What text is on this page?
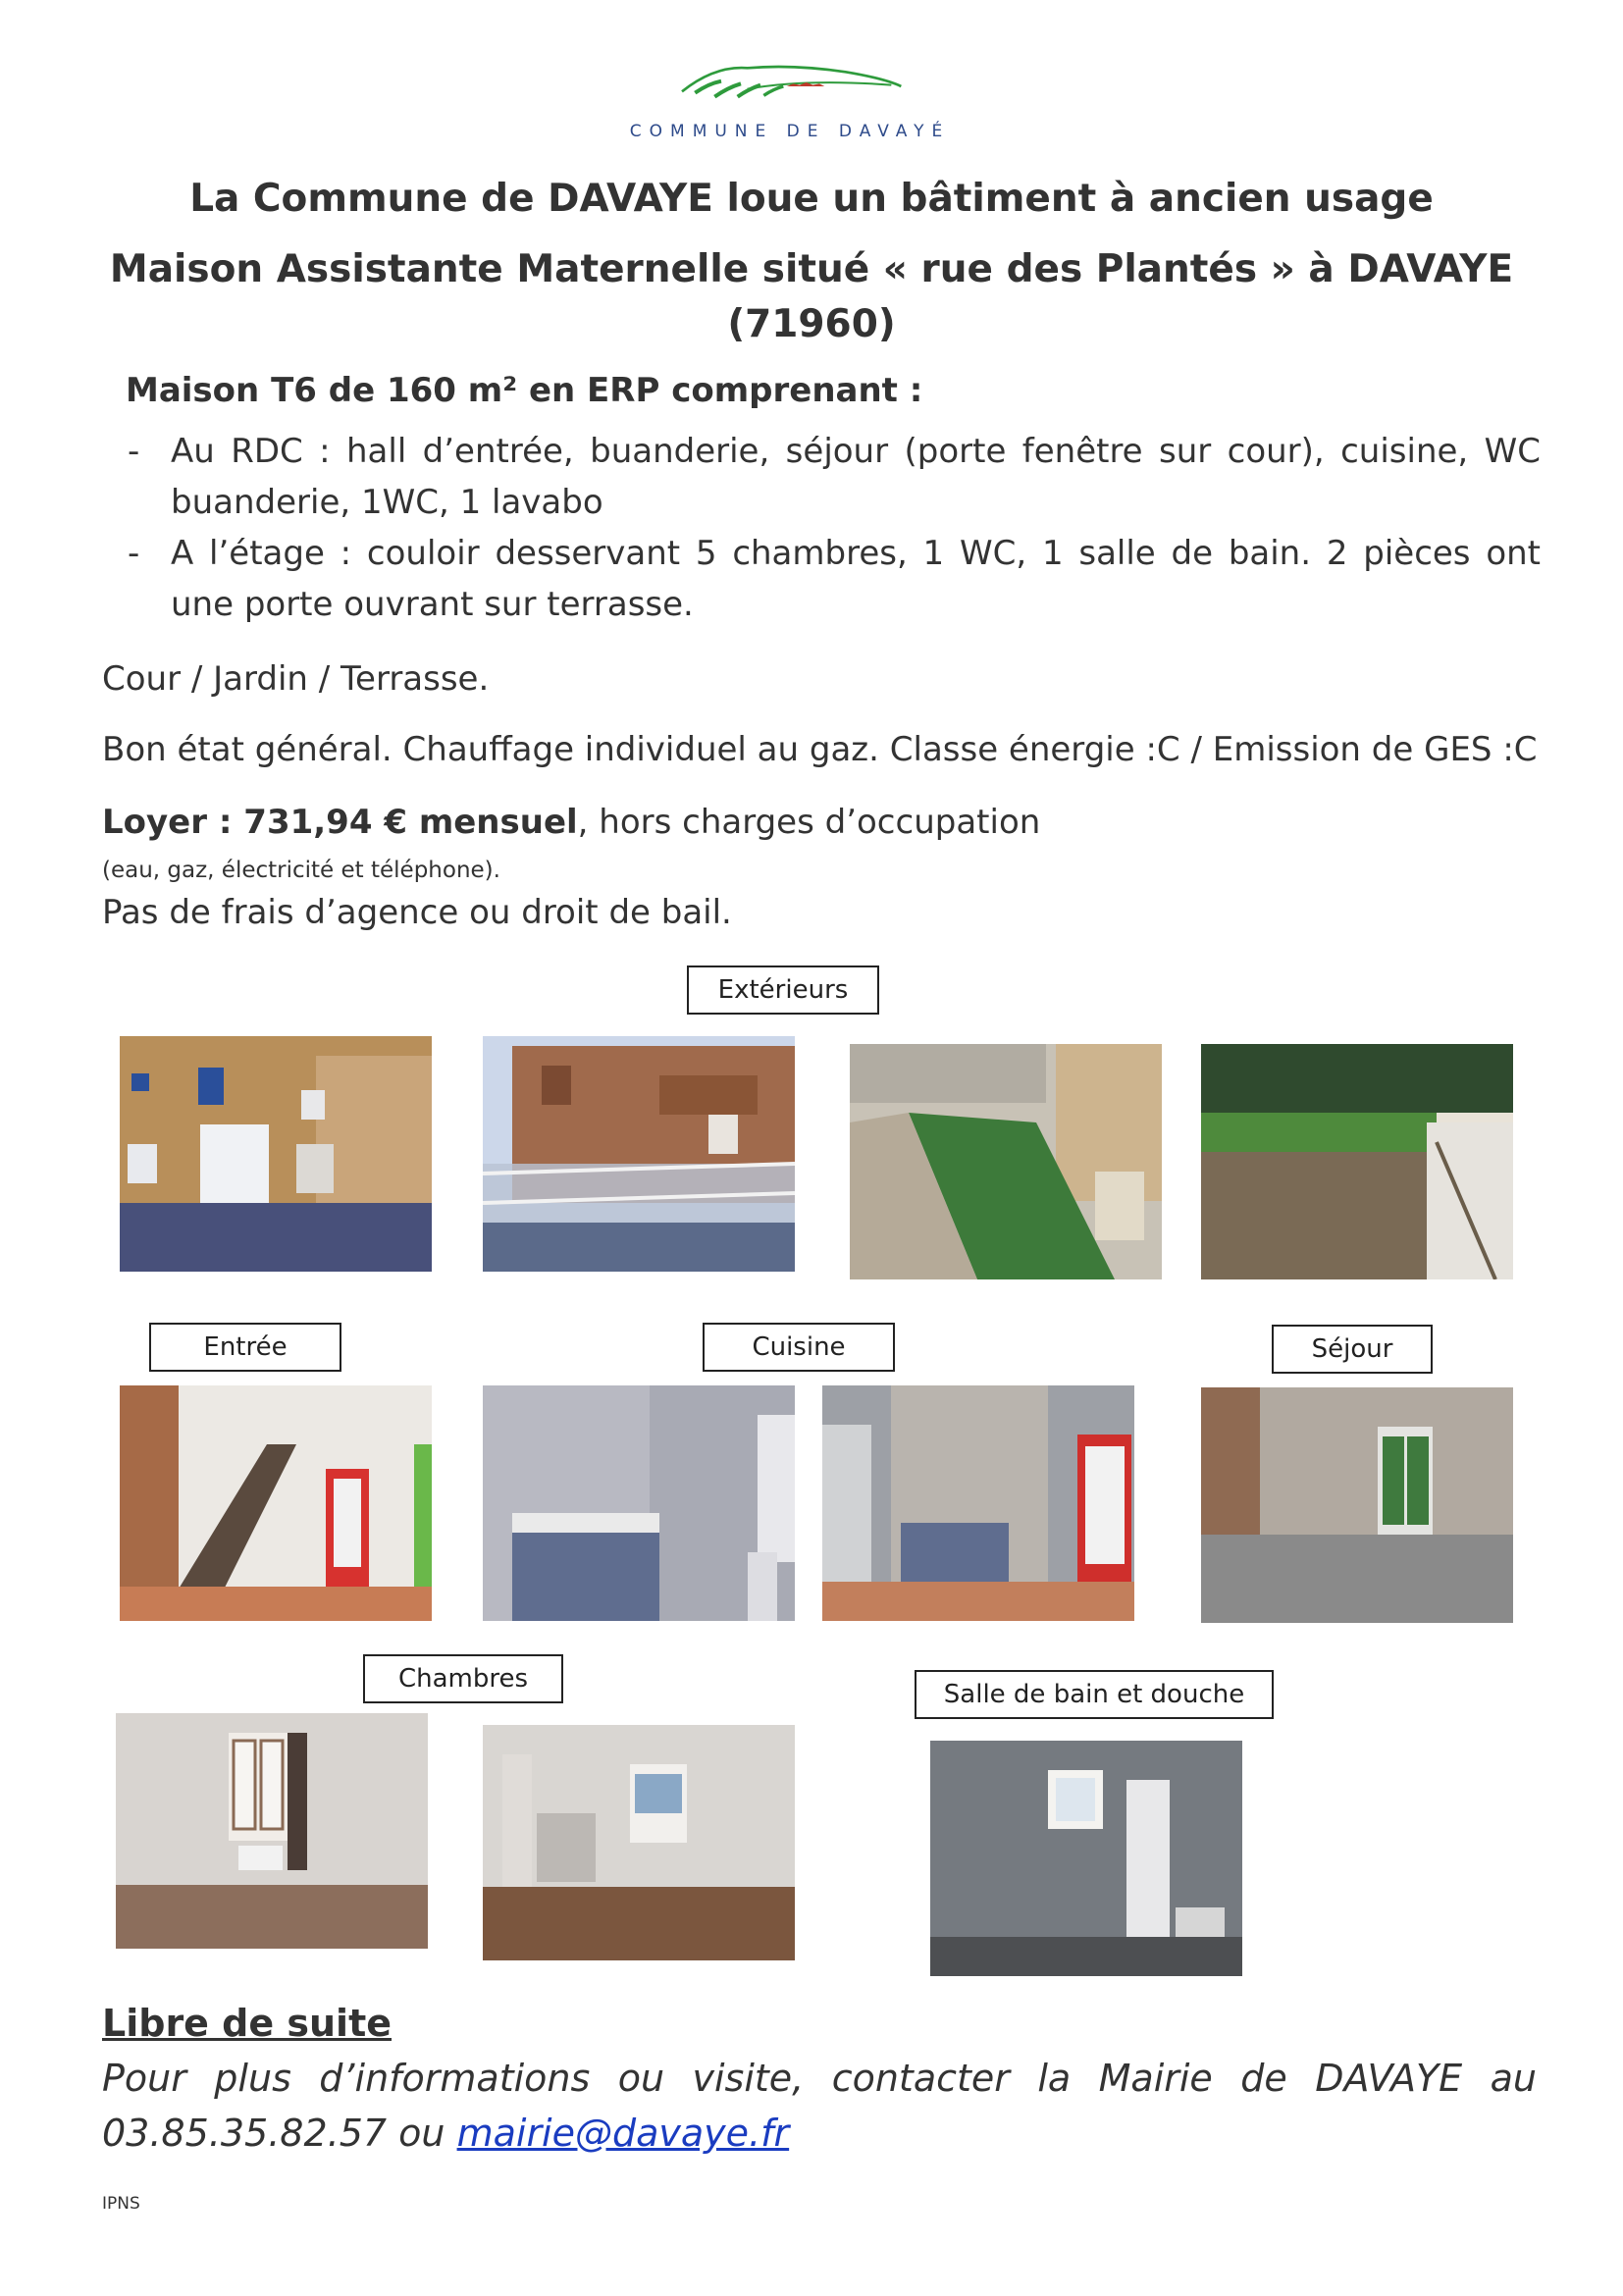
COMMUNE DE DAVAYÉ
La Commune de DAVAYE loue un bâtiment à ancien usage
Maison Assistante Maternelle situé « rue des Plantés » à DAVAYE
(71960)
Maison T6 de 160 m² en ERP comprenant :
- Au RDC : hall d’entrée, buanderie, séjour (porte fenêtre sur cour), cuisine, WC buanderie, 1WC, 1 lavabo
- A l’étage : couloir desservant 5 chambres, 1 WC, 1 salle de bain. 2 pièces ont une porte ouvrant sur terrasse.
Cour / Jardin / Terrasse.
Bon état général. Chauffage individuel au gaz. Classe énergie :C / Emission de GES :C
Loyer : 731,94 € mensuel, hors charges d’occupation
(eau, gaz, électricité et téléphone).
Pas de frais d’agence ou droit de bail.
Extérieurs
Entrée	Cuisine	Séjour
Chambres
Salle de bain et douche
Libre de suite
Pour plus d’informations ou visite, contacter la Mairie de DAVAYE au 03.85.35.82.57 ou mairie@davaye.fr
IPNS
